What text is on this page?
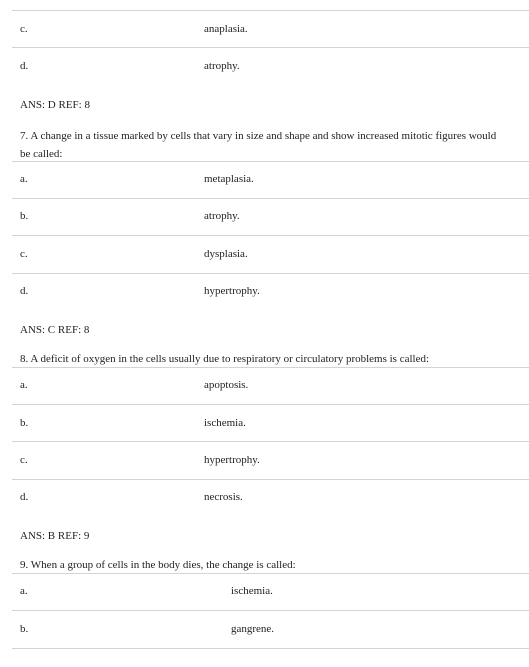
c.	anaplasia.
d.	atrophy.
ANS: D REF: 8
7. A change in a tissue marked by cells that vary in size and shape and show increased mitotic figures would be called:
a.	metaplasia.
b.	atrophy.
c.	dysplasia.
d.	hypertrophy.
ANS: C REF: 8
8. A deficit of oxygen in the cells usually due to respiratory or circulatory problems is called:
a.	apoptosis.
b.	ischemia.
c.	hypertrophy.
d.	necrosis.
ANS: B REF: 9
9. When a group of cells in the body dies, the change is called:
a.	ischemia.
b.	gangrene.
